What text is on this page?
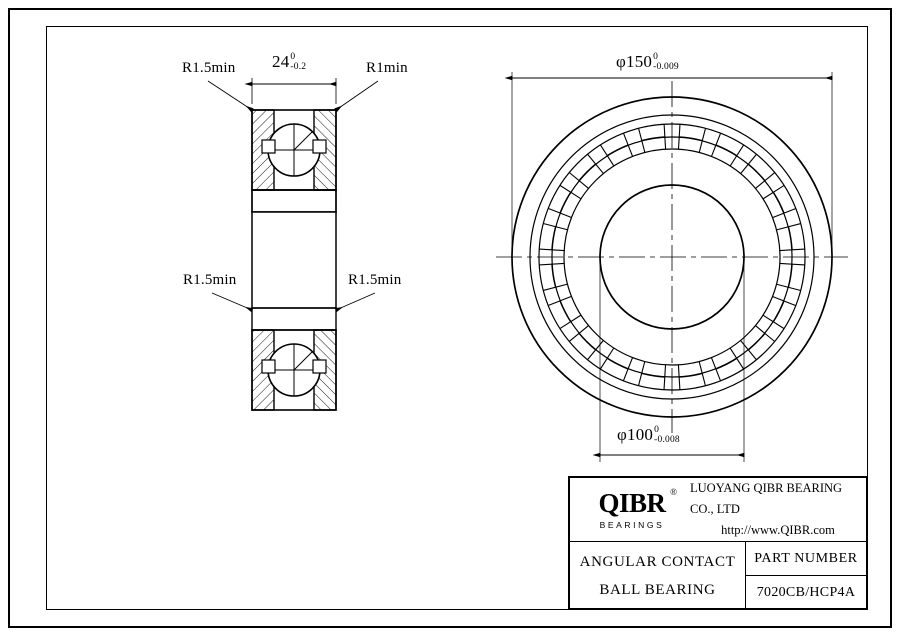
R1.5min	R1min
R1.5min	R1.5min
24 0
-0.2	φ150 0
-0.009
φ100 0
-0.008
QIBR ®
BEARINGS
LUOYANG QIBR BEARING CO., LTD
http://www.QIBR.com
ANGULAR CONTACT
BALL BEARING
PART NUMBER
7020CB/HCP4A
